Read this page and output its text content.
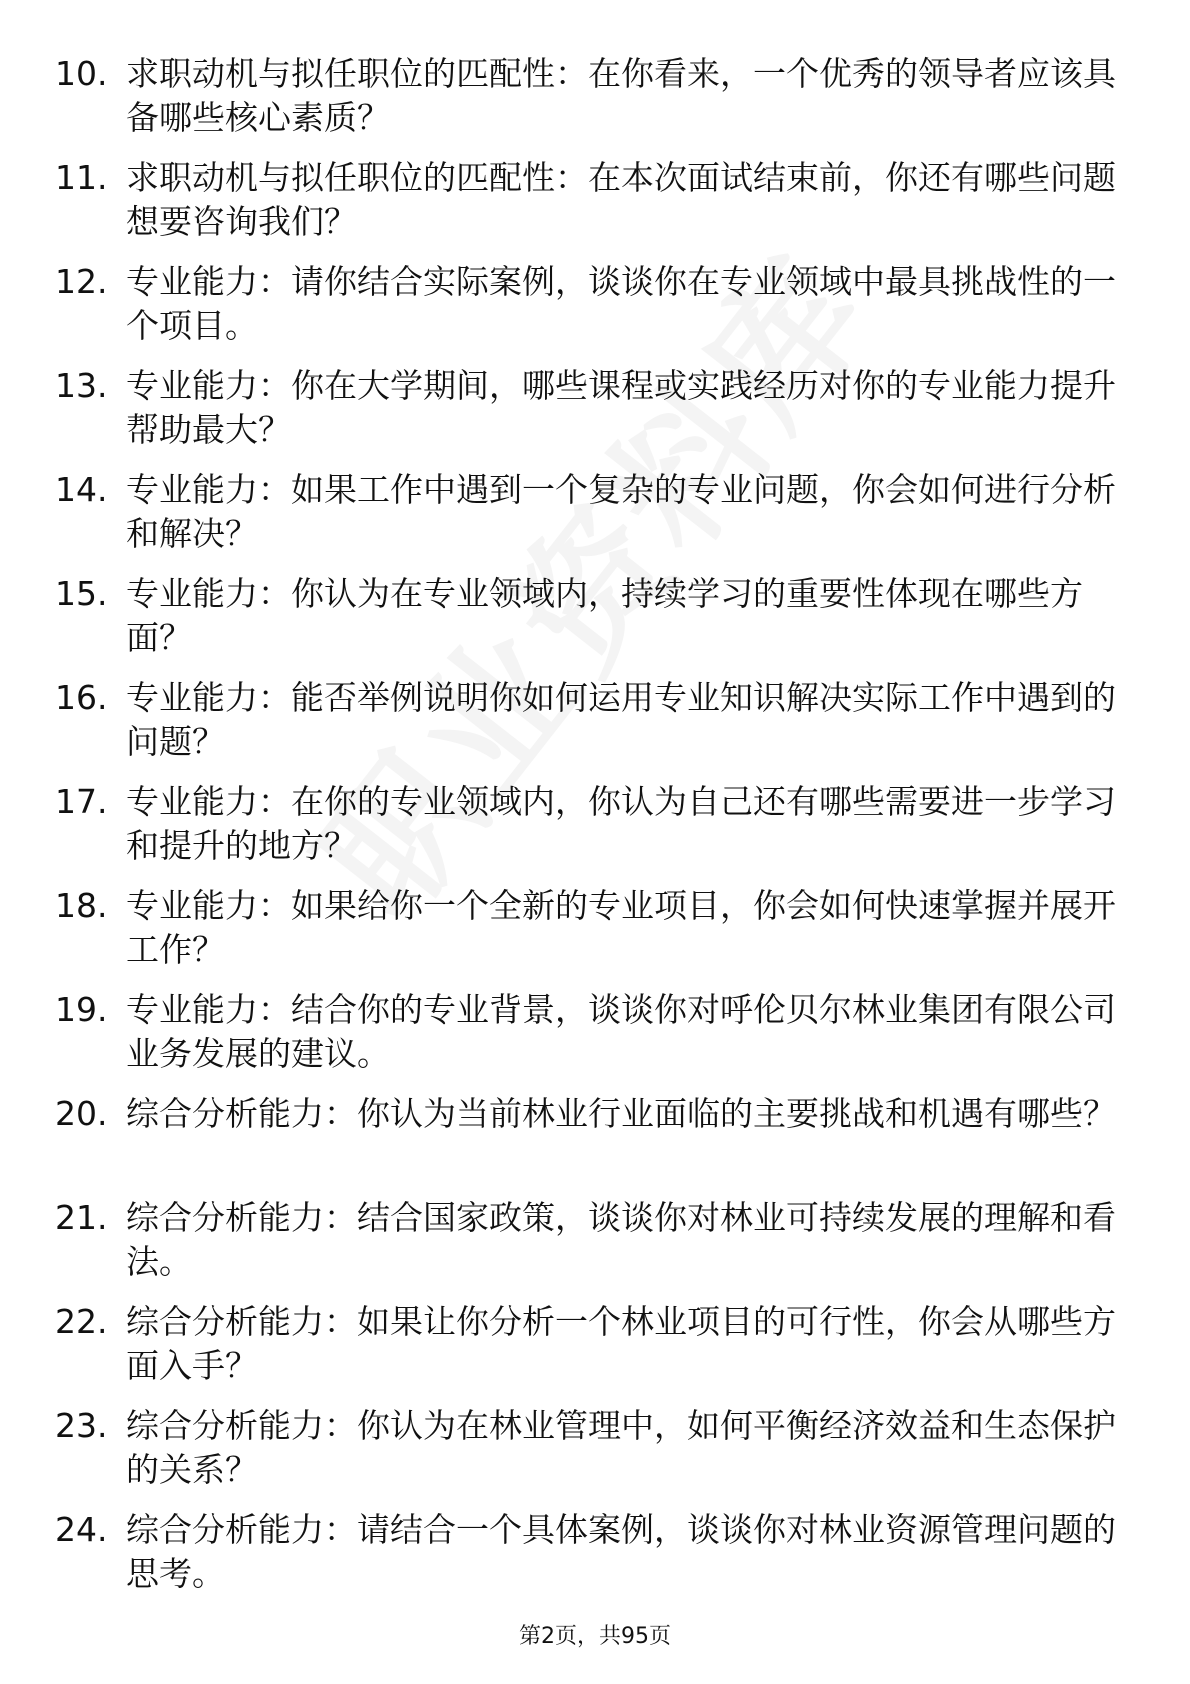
10. 求职动机与拟任职位的匹配性：在你看来，一个优秀的领导者应该具备哪些核心素质？
11. 求职动机与拟任职位的匹配性：在本次面试结束前，你还有哪些问题想要咨询我们？
12. 专业能力：请你结合实际案例，谈谈你在专业领域中最具挑战性的一个项目。
13. 专业能力：你在大学期间，哪些课程或实践经历对你的专业能力提升帮助最大？
14. 专业能力：如果工作中遇到一个复杂的专业问题，你会如何进行分析和解决？
15. 专业能力：你认为在专业领域内，持续学习的重要性体现在哪些方面？
16. 专业能力：能否举例说明你如何运用专业知识解决实际工作中遇到的问题？
17. 专业能力：在你的专业领域内，你认为自己还有哪些需要进一步学习和提升的地方？
18. 专业能力：如果给你一个全新的专业项目，你会如何快速掌握并展开工作？
19. 专业能力：结合你的专业背景，谈谈你对呼伦贝尔林业集团有限公司业务发展的建议。
20. 综合分析能力：你认为当前林业行业面临的主要挑战和机遇有哪些？
21. 综合分析能力：结合国家政策，谈谈你对林业可持续发展的理解和看法。
22. 综合分析能力：如果让你分析一个林业项目的可行性，你会从哪些方面入手？
23. 综合分析能力：你认为在林业管理中，如何平衡经济效益和生态保护的关系？
24. 综合分析能力：请结合一个具体案例，谈谈你对林业资源管理问题的思考。
第2页，共95页
